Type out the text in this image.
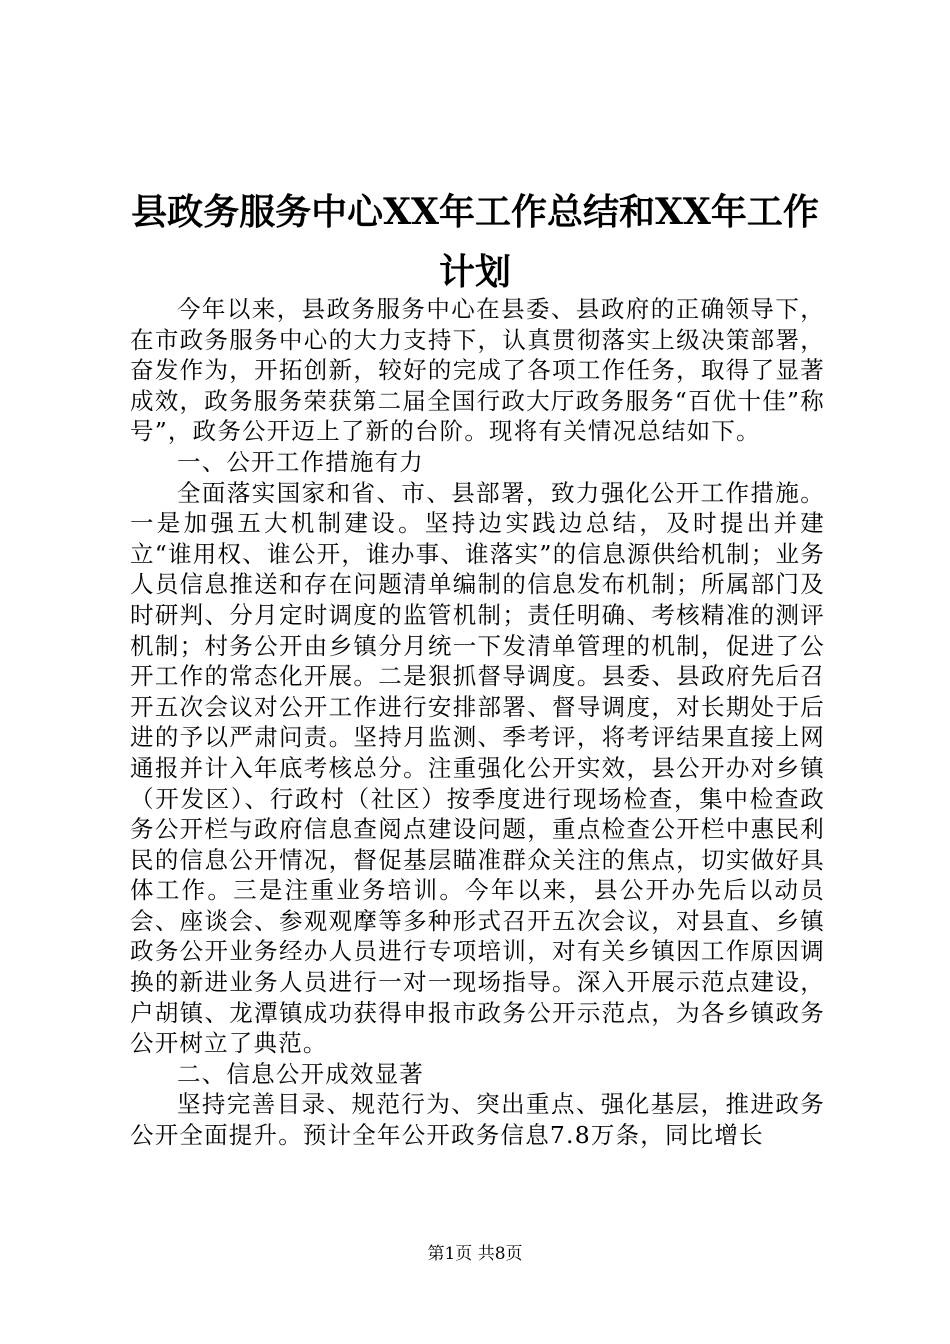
县政务服务中心XX年工作总结和XX年工作计划

今年以来，县政务服务中心在县委、县政府的正确领导下，在市政务服务中心的大力支持下，认真贯彻落实上级决策部署，奋发作为，开拓创新，较好的完成了各项工作任务，取得了显著成效，政务服务荣获第二届全国行政大厅政务服务“百优十佳”称号”，政务公开迈上了新的台阶。现将有关情况总结如下。

一、公开工作措施有力

全面落实国家和省、市、县部署，致力强化公开工作措施。一是加强五大机制建设。坚持边实践边总结，及时提出并建立“谁用权、谁公开，谁办事、谁落实”的信息源供给机制；业务人员信息推送和存在问题清单编制的信息发布机制；所属部门及时研判、分月定时调度的监管机制；责任明确、考核精准的测评机制；村务公开由乡镇分月统一下发清单管理的机制，促进了公开工作的常态化开展。二是狠抓督导调度。县委、县政府先后召开五次会议对公开工作进行安排部署、督导调度，对长期处于后进的予以严肃问责。坚持月监测、季考评，将考评结果直接上网通报并计入年底考核总分。注重强化公开实效，县公开办对乡镇（开发区）、行政村（社区）按季度进行现场检查，集中检查政务公开栏与政府信息查阅点建设问题，重点检查公开栏中惠民利民的信息公开情况，督促基层瞄准群众关注的焦点，切实做好具体工作。三是注重业务培训。今年以来，县公开办先后以动员会、座谈会、参观观摩等多种形式召开五次会议，对县直、乡镇政务公开业务经办人员进行专项培训，对有关乡镇因工作原因调换的新进业务人员进行一对一现场指导。深入开展示范点建设，户胡镇、龙潭镇成功获得申报市政务公开示范点，为各乡镇政务公开树立了典范。

二、信息公开成效显著

坚持完善目录、规范行为、突出重点、强化基层，推进政务公开全面提升。预计全年公开政务信息7.8万条，同比增长

第1页 共8页
